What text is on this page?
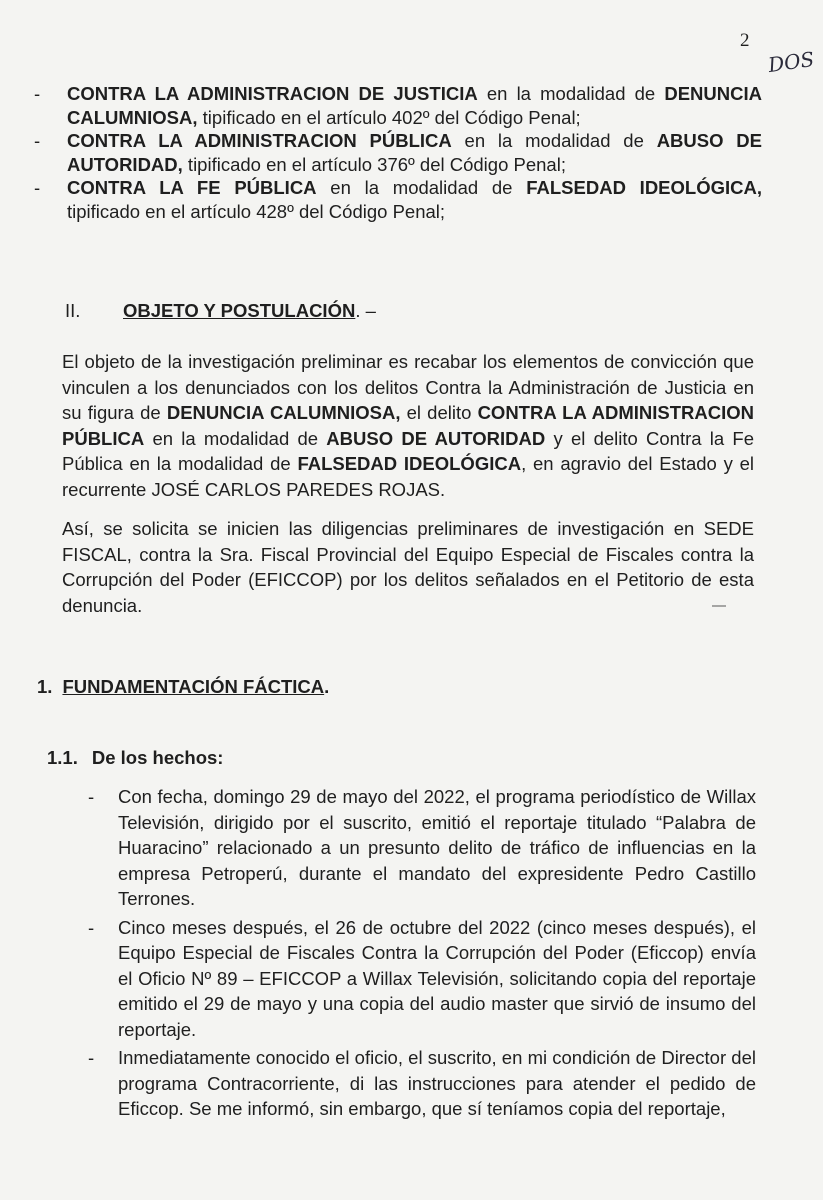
2
DOS
-	CONTRA LA ADMINISTRACION DE JUSTICIA en la modalidad de DENUNCIA CALUMNIOSA, tipificado en el artículo 402º del Código Penal;
-	CONTRA LA ADMINISTRACION PÚBLICA en la modalidad de ABUSO DE AUTORIDAD, tipificado en el artículo 376º del Código Penal;
-	CONTRA LA FE PÚBLICA en la modalidad de FALSEDAD IDEOLÓGICA, tipificado en el artículo 428º del Código Penal;
II. OBJETO Y POSTULACIÓN. –
El objeto de la investigación preliminar es recabar los elementos de convicción que vinculen a los denunciados con los delitos Contra la Administración de Justicia en su figura de DENUNCIA CALUMNIOSA, el delito CONTRA LA ADMINISTRACION PÚBLICA en la modalidad de ABUSO DE AUTORIDAD y el delito Contra la Fe Pública en la modalidad de FALSEDAD IDEOLÓGICA, en agravio del Estado y el recurrente JOSÉ CARLOS PAREDES ROJAS.
Así, se solicita se inicien las diligencias preliminares de investigación en SEDE FISCAL, contra la Sra. Fiscal Provincial del Equipo Especial de Fiscales contra la Corrupción del Poder (EFICCOP) por los delitos señalados en el Petitorio de esta denuncia.
1. FUNDAMENTACIÓN FÁCTICA.
1.1. De los hechos:
-	Con fecha, domingo 29 de mayo del 2022, el programa periodístico de Willax Televisión, dirigido por el suscrito, emitió el reportaje titulado “Palabra de Huaracino” relacionado a un presunto delito de tráfico de influencias en la empresa Petroperú, durante el mandato del expresidente Pedro Castillo Terrones.
-	Cinco meses después, el 26 de octubre del 2022 (cinco meses después), el Equipo Especial de Fiscales Contra la Corrupción del Poder (Eficcop) envía el Oficio Nº 89 – EFICCOP a Willax Televisión, solicitando copia del reportaje emitido el 29 de mayo y una copia del audio master que sirvió de insumo del reportaje.
-	Inmediatamente conocido el oficio, el suscrito, en mi condición de Director del programa Contracorriente, di las instrucciones para atender el pedido de Eficcop. Se me informó, sin embargo, que sí teníamos copia del reportaje,
